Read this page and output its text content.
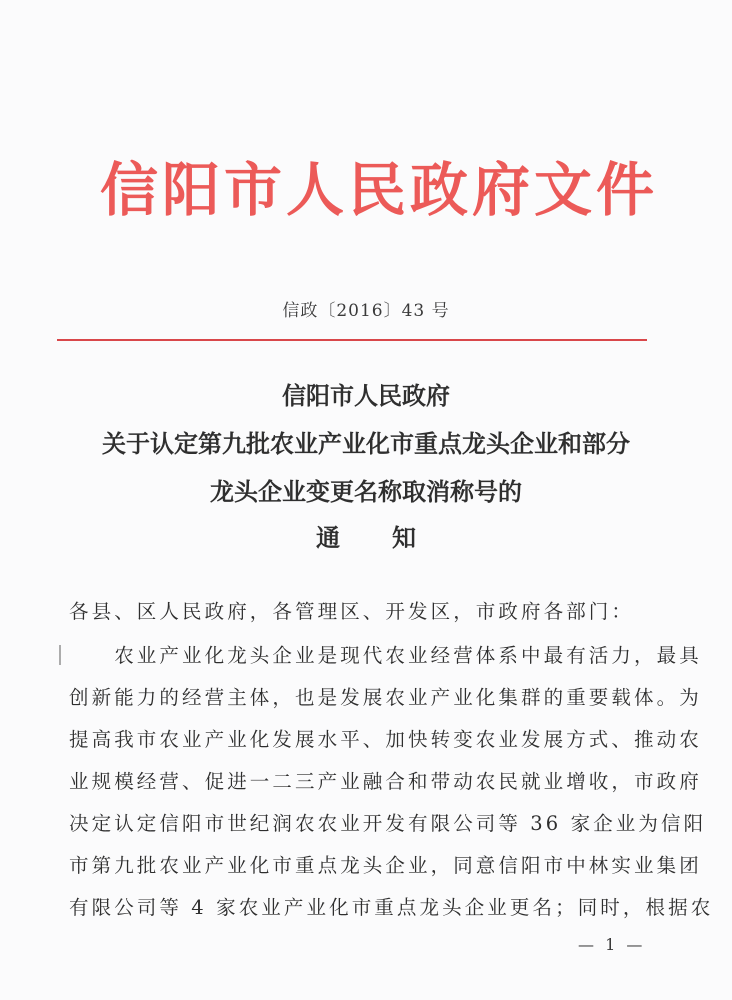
信阳市人民政府文件
信政〔2016〕43 号
信阳市人民政府
关于认定第九批农业产业化市重点龙头企业和部分
龙头企业变更名称取消称号的
通 知
各县、区人民政府，各管理区、开发区，市政府各部门：
　　农业产业化龙头企业是现代农业经营体系中最有活力，最具
创新能力的经营主体，也是发展农业产业化集群的重要载体。为
提高我市农业产业化发展水平、加快转变农业发展方式、推动农
业规模经营、促进一二三产业融合和带动农民就业增收，市政府
决定认定信阳市世纪润农农业开发有限公司等 36 家企业为信阳
市第九批农业产业化市重点龙头企业，同意信阳市中林实业集团
有限公司等 4 家农业产业化市重点龙头企业更名；同时，根据农
— 1 —
